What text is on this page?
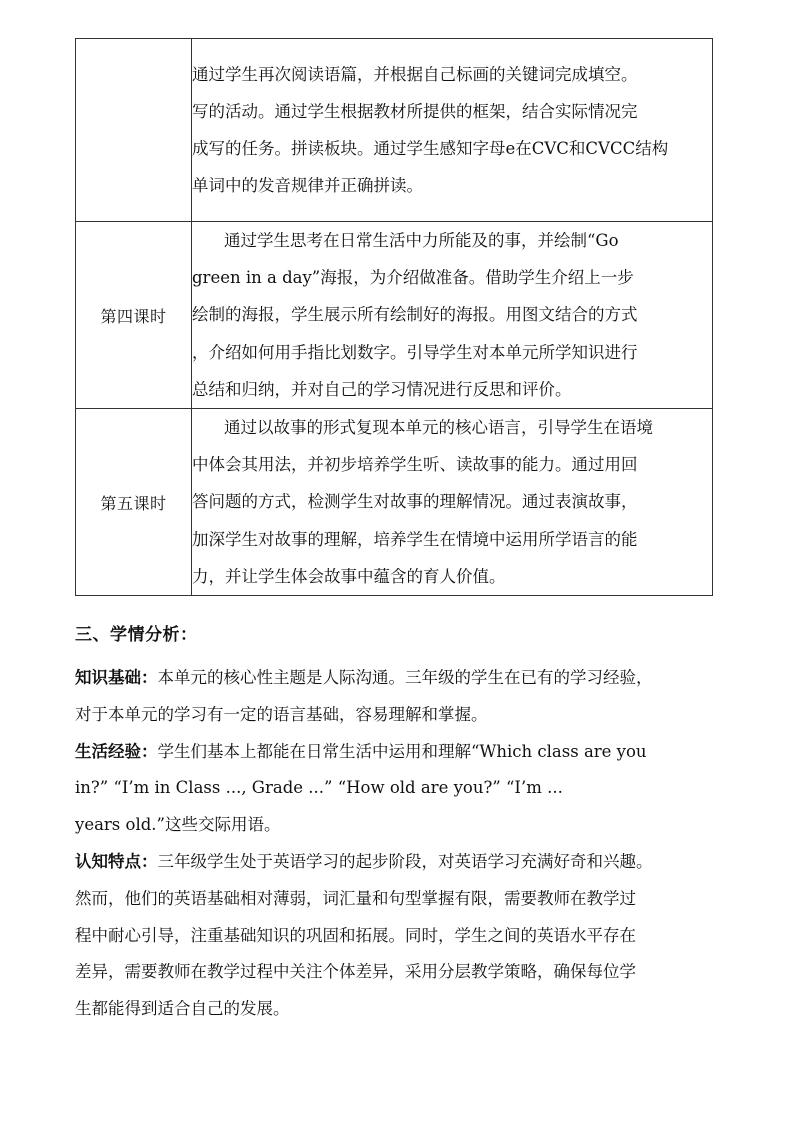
	通过学生再次阅读语篇，并根据自己标画的关键词完成填空。
写的活动。通过学生根据教材所提供的框架，结合实际情况完
成写的任务。拼读板块。通过学生感知字母e在CVC和CVCC结构
单词中的发音规律并正确拼读。

第四课时	通过学生思考在日常生活中力所能及的事，并绘制“Go
green in a day”海报，为介绍做准备。借助学生介绍上一步
绘制的海报，学生展示所有绘制好的海报。用图文结合的方式
，介绍如何用手指比划数字。引导学生对本单元所学知识进行
总结和归纳，并对自己的学习情况进行反思和评价。

第五课时	通过以故事的形式复现本单元的核心语言，引导学生在语境
中体会其用法，并初步培养学生听、读故事的能力。通过用回
答问题的方式，检测学生对故事的理解情况。通过表演故事，
加深学生对故事的理解，培养学生在情境中运用所学语言的能
力，并让学生体会故事中蕴含的育人价值。
三、学情分析：
知识基础：本单元的核心性主题是人际沟通。三年级的学生在已有的学习经验，
对于本单元的学习有一定的语言基础，容易理解和掌握。
生活经验：学生们基本上都能在日常生活中运用和理解“Which class are you
in?” “I’m in Class ..., Grade ...” “How old are you?” “I’m ...
years old.”这些交际用语。
认知特点：三年级学生处于英语学习的起步阶段，对英语学习充满好奇和兴趣。
然而，他们的英语基础相对薄弱，词汇量和句型掌握有限，需要教师在教学过
程中耐心引导，注重基础知识的巩固和拓展。同时，学生之间的英语水平存在
差异，需要教师在教学过程中关注个体差异，采用分层教学策略，确保每位学
生都能得到适合自己的发展。
